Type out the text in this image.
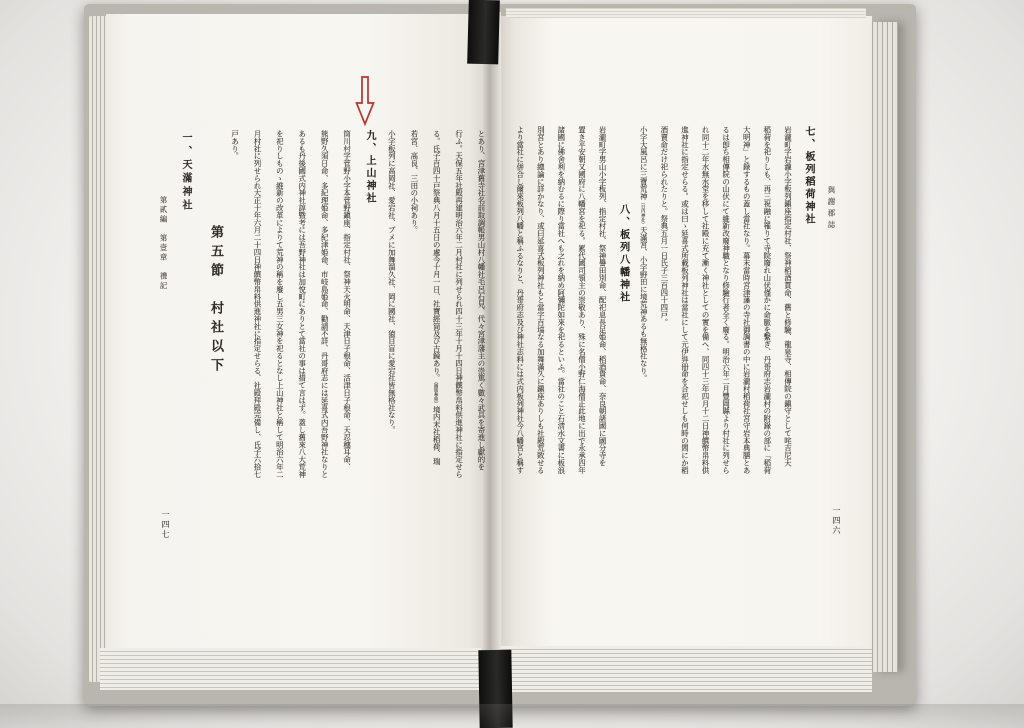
七、板列稻荷神社

岩瀧町字岩瀧小字板列鎭座指定村社、祭神稻酒貫命、舊と修驗、龍泉寺、相傳院の鎭守として咤吉尼天

稻荷を祀りしも、再三祝融に罹りて寺院廢れ山伏僅かに命脈を繫ぎ、丹哥府志岩瀧村の附錄の部に「稻荷

大明神」と錄するもの蓋し當社なり。幕末當時宮津藩の寺社御調書の中に岩瀧村稻荷社宮守岩本典膳とあ

るは卽ち相傳院の山伏にて維新改廢神職となり修驗行者全く廢る。明治六年二月豐岡縣より村社に列せら

れ同十二年水無水堂を移して社殿に充て漸く神社としての實を備へ、同四十三年四月十二日神饌幣帛料供

進神社に指定せらる。或は曰ゝ延喜式所載板列神社は當社にして元伊弉冊命を合祀せしも何時の間にか稻

酒賣命だけ祀られたりと。祭典五月一日氏子三百四十四戸。

小字大風呂に三寶荒神（日内神社）天滿宮、小字野田に境荒神あるも無格社なり。

八、板列八幡神社

岩瀧町字男山小字板列、指定村社、祭神譽田別命、配祀息長足姫命、稻酒貴命、奈良朝諸國に國分寺を

置き平安朝又國府に八幡宮を祀る。累代國司領主の崇敬あり、殊に名僧小野仁海僧正此地に出で永承四年

諸國に佛舍利を納むるに際り當社へも之れを納め阿彌陀如來を祀るといふ。當社のこと石淸水文書に板浪

別宮とあり總論に詳かなり、或曰延喜式板列神社もと當字百塙なる加舞滿久に鎭座ありしも社殿荒敗せる

より當社に併合し爾來板列八幡と稱ふるなりと、丹哥府志及び神社志料には式内板列神社今八幡宮と稱す	與謝郡誌
一四六

とあり、宮津舊寺社名前取調帳男山村八幡社毛呂石見、代々宮津藩主の崇篤く數々武具を寄進し獻的を

行ふ。天保五年社殿再建明治六年二月村社に列せられ四十三年十月十四日神饌幣帛料供進神社に指定せら

る。氏子百四十戸祭典八月十五日の處今十月一日、社寶經筒及び古鏡あり。（圖版參照）境内末社稻荷、瑞

若宮、高良、三田の小祠あり。

小字板列に高岡社、愛宕社、ブメに加舞溜久社、岡に國社、猿目盲に愛宕社皆無格社なり。

九、上山神社

筒川村字菅野小字本菅野鎭座、指定村社、祭神天火明命、天津日子根命、活津日子根命、天忍穗耳命、

熊野久須日命、多紀理姫命、多紀津姫命、市岐島姫命、勸請不詳、丹哥府志には延喜式内吾野神社なりと

あるも丹後國式内神社諄曁考には吾野神社は加悅町にありとて當社の事は措て言はず。蓋し舊來八大荒神

を祀りしものゝ維新の改革によりて荒神の稱を廢し五男三女神を祀るとなし上山神社と稱して明治六年二

月村社に列せられ大正十年六月二十四日神饌幣帛料供進神社に指定せらる、社殿拜殿完備し、氏子六拾七

戸あり。

第五節　村社以下

一、天滿神社
第貳編　第壹章　禮記
一四七
